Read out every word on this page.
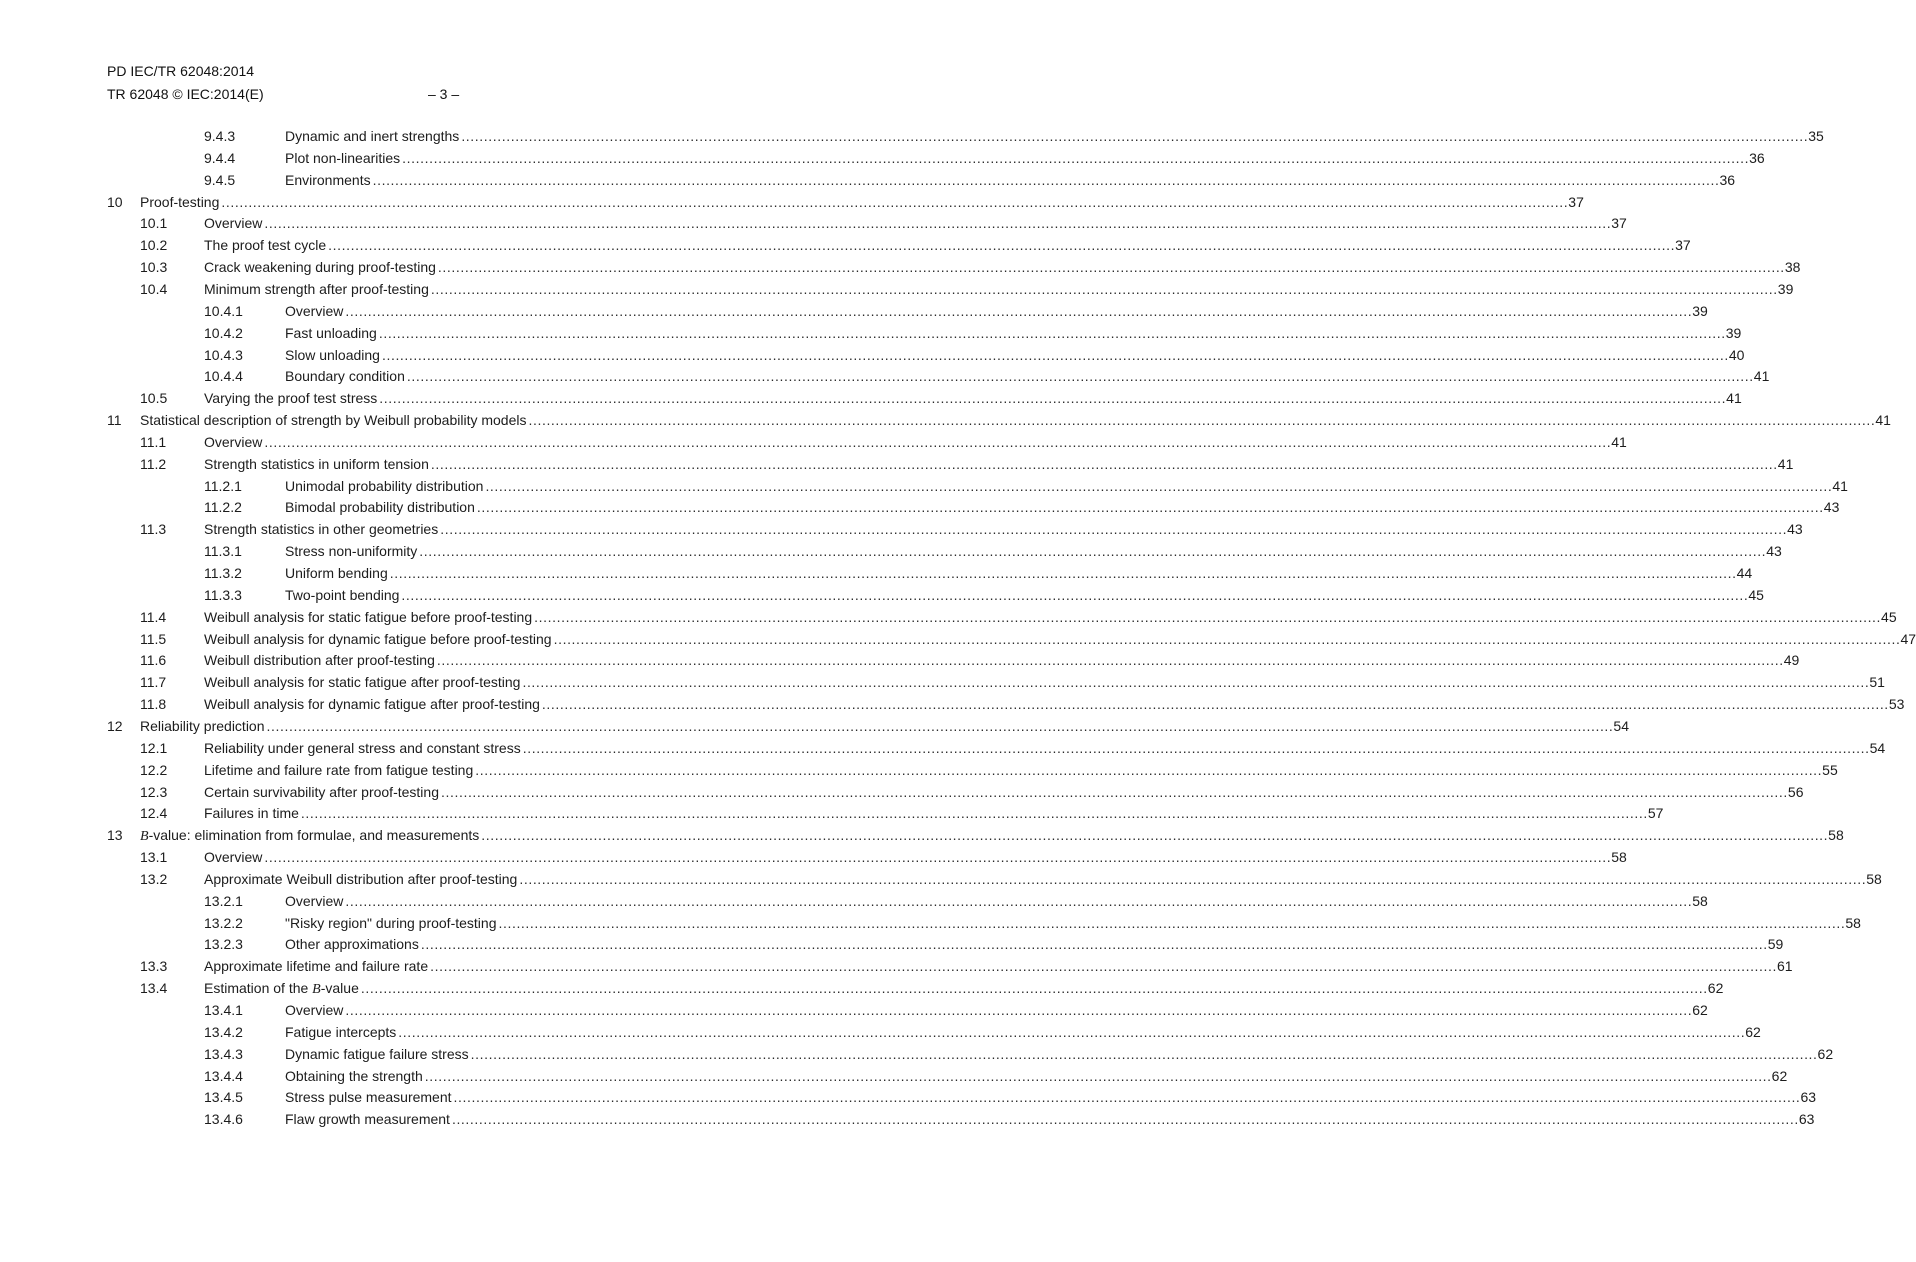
PD IEC/TR 62048:2014
TR 62048 © IEC:2014(E)	– 3 –
9.4.3	Dynamic and inert strengths ............................................................................................................................................................................................................................................................................................................ 35
9.4.4	Plot non-linearities ............................................................................................................................................................................................................................................................................................................ 36
9.4.5	Environments ............................................................................................................................................................................................................................................................................................................ 36
10 Proof-testing ............................................................................................................................................................................................................................................................................................................ 37
10.1	Overview ............................................................................................................................................................................................................................................................................................................ 37
10.2	The proof test cycle ............................................................................................................................................................................................................................................................................................................ 37
10.3	Crack weakening during proof-testing ............................................................................................................................................................................................................................................................................................................ 38
10.4	Minimum strength after proof-testing ............................................................................................................................................................................................................................................................................................................ 39
10.4.1	Overview ............................................................................................................................................................................................................................................................................................................ 39
10.4.2	Fast unloading ............................................................................................................................................................................................................................................................................................................ 39
10.4.3	Slow unloading ............................................................................................................................................................................................................................................................................................................ 40
10.4.4	Boundary condition ............................................................................................................................................................................................................................................................................................................ 41
10.5	Varying the proof test stress ............................................................................................................................................................................................................................................................................................................ 41
11 Statistical description of strength by Weibull probability models ............................................................................................................................................................................................................................................................................................................ 41
11.1	Overview ............................................................................................................................................................................................................................................................................................................ 41
11.2	Strength statistics in uniform tension ............................................................................................................................................................................................................................................................................................................ 41
11.2.1	Unimodal probability distribution ............................................................................................................................................................................................................................................................................................................ 41
11.2.2	Bimodal probability distribution ............................................................................................................................................................................................................................................................................................................ 43
11.3	Strength statistics in other geometries ............................................................................................................................................................................................................................................................................................................ 43
11.3.1	Stress non-uniformity ............................................................................................................................................................................................................................................................................................................ 43
11.3.2	Uniform bending ............................................................................................................................................................................................................................................................................................................ 44
11.3.3	Two-point bending ............................................................................................................................................................................................................................................................................................................ 45
11.4	Weibull analysis for static fatigue before proof-testing ............................................................................................................................................................................................................................................................................................................ 45
11.5	Weibull analysis for dynamic fatigue before proof-testing ............................................................................................................................................................................................................................................................................................................ 47
11.6	Weibull distribution after proof-testing ............................................................................................................................................................................................................................................................................................................ 49
11.7	Weibull analysis for static fatigue after proof-testing ............................................................................................................................................................................................................................................................................................................ 51
11.8	Weibull analysis for dynamic fatigue after proof-testing ............................................................................................................................................................................................................................................................................................................ 53
12 Reliability prediction ............................................................................................................................................................................................................................................................................................................ 54
12.1	Reliability under general stress and constant stress ............................................................................................................................................................................................................................................................................................................ 54
12.2	Lifetime and failure rate from fatigue testing ............................................................................................................................................................................................................................................................................................................ 55
12.3	Certain survivability after proof-testing ............................................................................................................................................................................................................................................................................................................ 56
12.4	Failures in time ............................................................................................................................................................................................................................................................................................................ 57
13 B-value: elimination from formulae, and measurements ............................................................................................................................................................................................................................................................................................................ 58
13.1	Overview ............................................................................................................................................................................................................................................................................................................ 58
13.2	Approximate Weibull distribution after proof-testing ............................................................................................................................................................................................................................................................................................................ 58
13.2.1	Overview ............................................................................................................................................................................................................................................................................................................ 58
13.2.2	"Risky region" during proof-testing ............................................................................................................................................................................................................................................................................................................ 58
13.2.3	Other approximations ............................................................................................................................................................................................................................................................................................................ 59
13.3	Approximate lifetime and failure rate ............................................................................................................................................................................................................................................................................................................ 61
13.4	Estimation of the B-value ............................................................................................................................................................................................................................................................................................................ 62
13.4.1	Overview ............................................................................................................................................................................................................................................................................................................ 62
13.4.2	Fatigue intercepts ............................................................................................................................................................................................................................................................................................................ 62
13.4.3	Dynamic fatigue failure stress ............................................................................................................................................................................................................................................................................................................ 62
13.4.4	Obtaining the strength ............................................................................................................................................................................................................................................................................................................ 62
13.4.5	Stress pulse measurement ............................................................................................................................................................................................................................................................................................................ 63
13.4.6	Flaw growth measurement ............................................................................................................................................................................................................................................................................................................ 63
